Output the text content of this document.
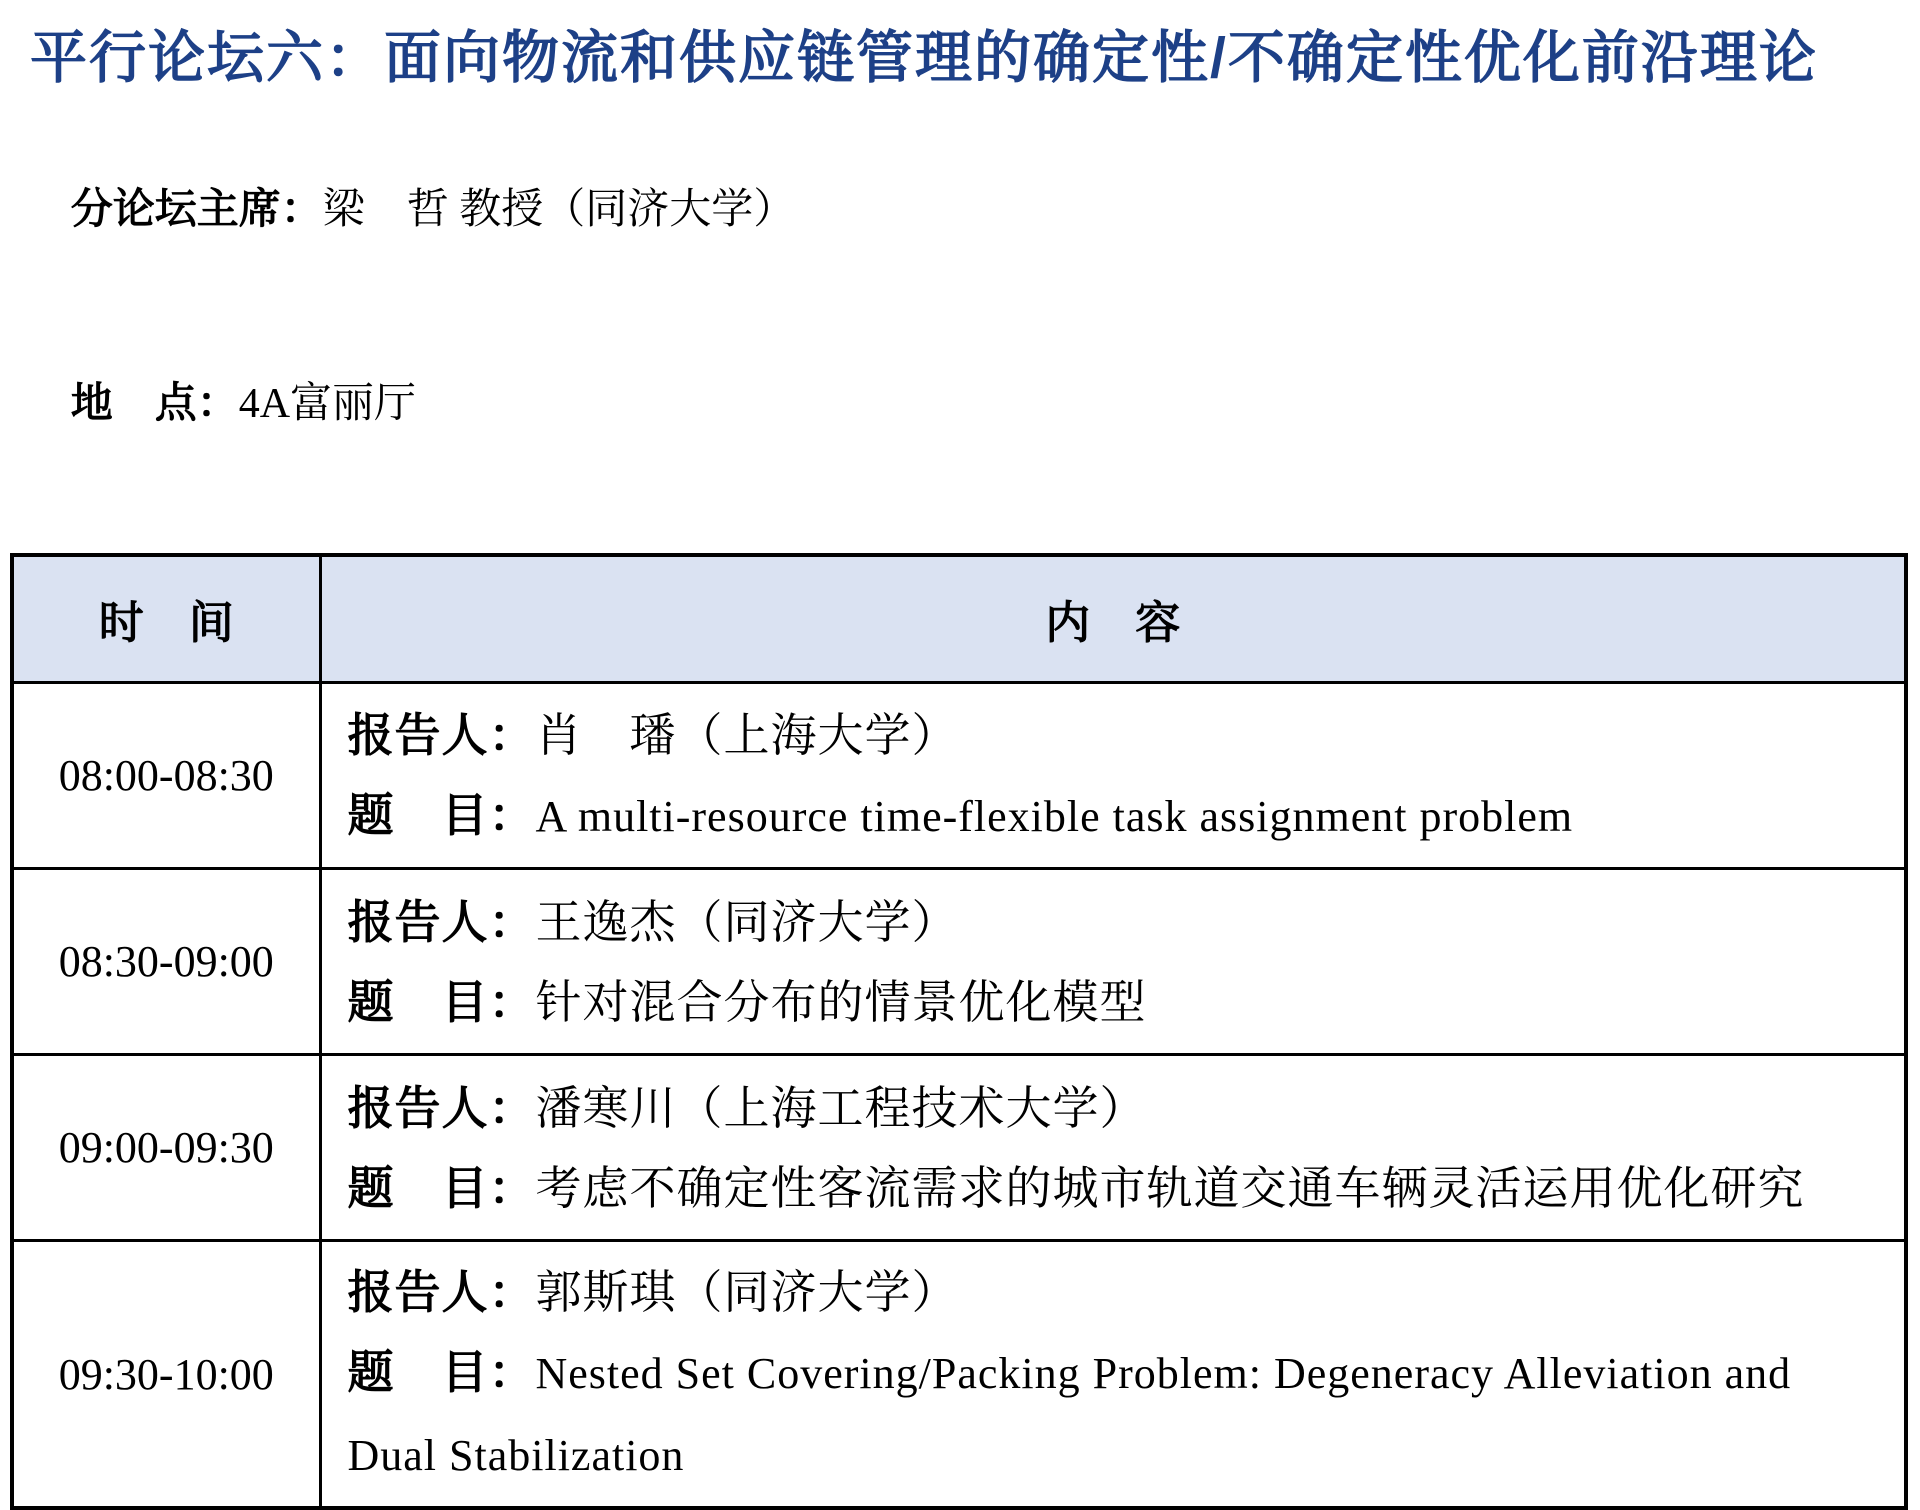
平行论坛六：面向物流和供应链管理的确定性/不确定性优化前沿理论

分论坛主席：梁　哲 教授（同济大学）

地　点：4A富丽厅

时　间	内　容
08:00-08:30	报告人：肖　璠（上海大学）
题　目：A multi-resource time-flexible task assignment problem

08:30-09:00	报告人：王逸杰（同济大学）
题　目：针对混合分布的情景优化模型

09:00-09:30	报告人：潘寒川（上海工程技术大学）
题　目：考虑不确定性客流需求的城市轨道交通车辆灵活运用优化研究

09:30-10:00	报告人：郭斯琪（同济大学）
题　目：Nested Set Covering/Packing Problem: Degeneracy Alleviation and Dual Stabilization
